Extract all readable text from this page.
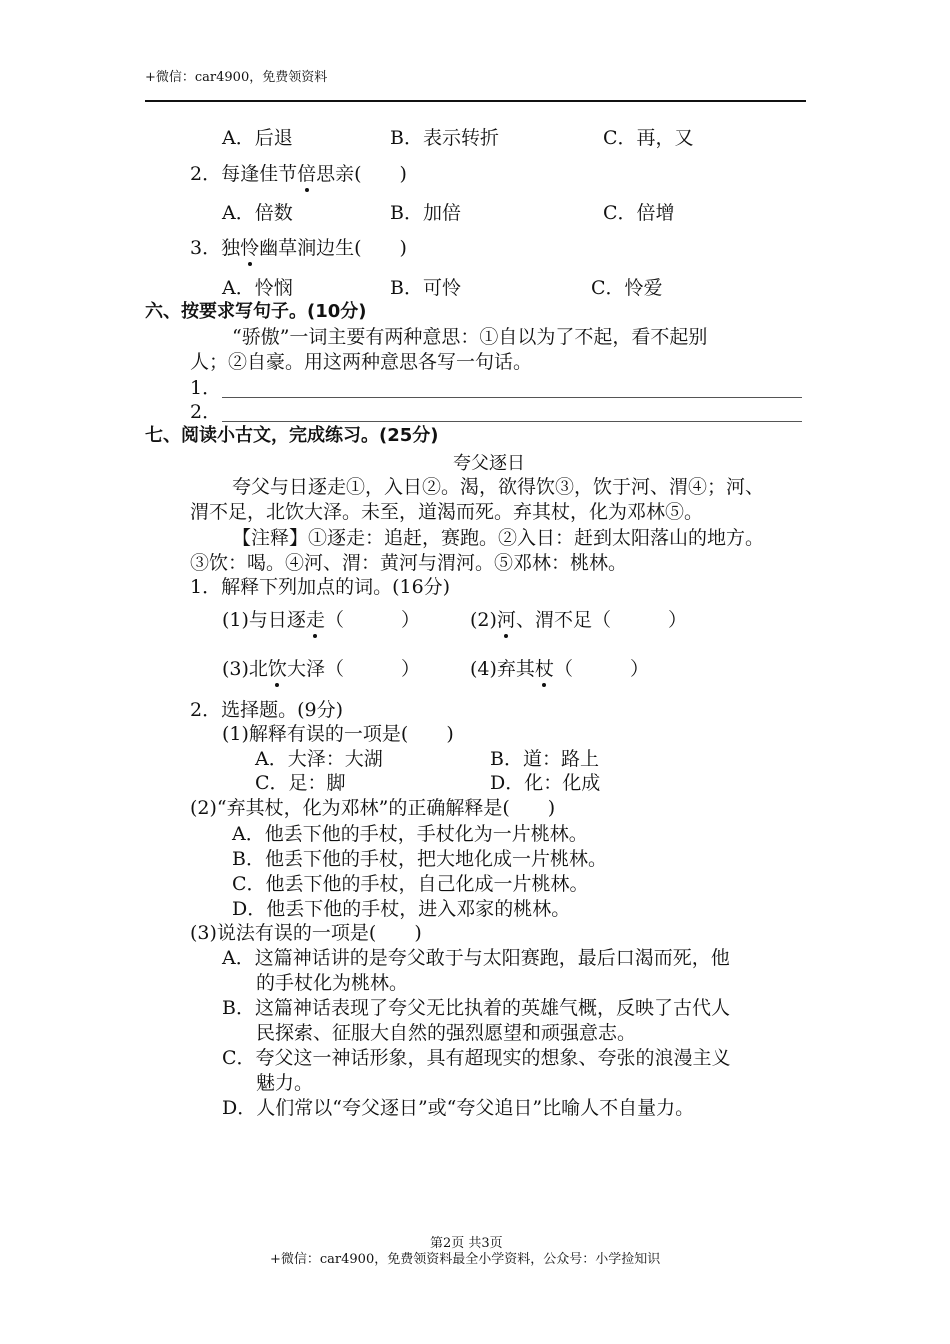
+微信：car4900，免费领资料
A．后退	B．表示转折	C．再，又
2．每逢佳节倍思亲(　　)
A．倍数	B．加倍	C．倍增
3．独怜幽草涧边生(　　)
A．怜悯	B．可怜	C．怜爱
六、按要求写句子。(10分)
“骄傲”一词主要有两种意思：①自以为了不起，看不起别
人；②自豪。用这两种意思各写一句话。
1．
2．
七、阅读小古文，完成练习。(25分)
夸父逐日
夸父与日逐走①，入日②。渴，欲得饮③，饮于河、渭④；河、
渭不足，北饮大泽。未至，道渴而死。弃其杖，化为邓林⑤。
【注释】①逐走：追赶，赛跑。②入日：赶到太阳落山的地方。
③饮：喝。④河、渭：黄河与渭河。⑤邓林：桃林。
1．解释下列加点的词。(16分)
(1)与日逐走（　　　）	(2)河、渭不足（　　　）
(3)北饮大泽（　　　）	(4)弃其杖（　　　）
2．选择题。(9分)
(1)解释有误的一项是(　　)
A．大泽：大湖	B．道：路上
C．足：脚	D．化：化成
(2)“弃其杖，化为邓林”的正确解释是(　　)
A．他丢下他的手杖，手杖化为一片桃林。
B．他丢下他的手杖，把大地化成一片桃林。
C．他丢下他的手杖，自己化成一片桃林。
D．他丢下他的手杖，进入邓家的桃林。
(3)说法有误的一项是(　　)
A．这篇神话讲的是夸父敢于与太阳赛跑，最后口渴而死，他
的手杖化为桃林。
B．这篇神话表现了夸父无比执着的英雄气概，反映了古代人
民探索、征服大自然的强烈愿望和顽强意志。
C．夸父这一神话形象，具有超现实的想象、夸张的浪漫主义
魅力。
D．人们常以“夸父逐日”或“夸父追日”比喻人不自量力。
第2页 共3页
+微信：car4900，免费领资料最全小学资料，公众号：小学捡知识
